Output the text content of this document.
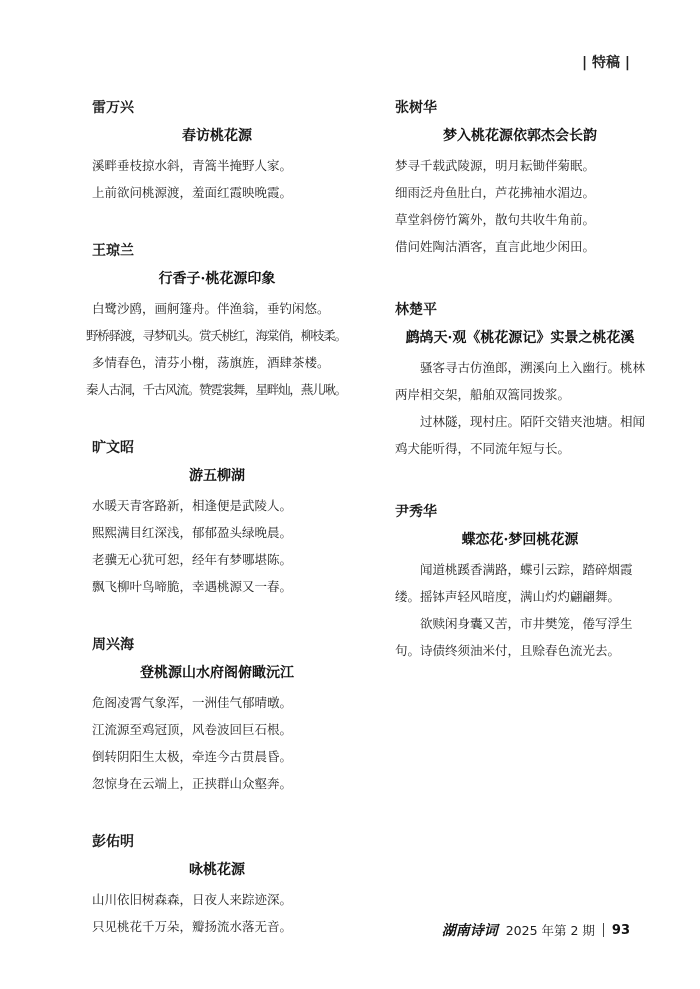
| 特稿 |
雷万兴
春访桃花源

溪畔垂枝掠水斜，青篙半掩野人家。

上前欲问桃源渡，羞面红霞映晚霞。

王琼兰
行香子·桃花源印象

白鹭沙鸥，画舸篷舟。伴渔翁，垂钓闲悠。

野桥驿渡，寻梦矶头。赏夭桃红，海棠俏，柳枝柔。

多情春色，清芬小榭，荡旗旌，酒肆茶楼。

秦人古洞，千古风流。赞霓裳舞，星畔灿，燕儿啾。

旷文昭
游五柳湖

水暖天青客路新，相逢便是武陵人。

熙熙满目红深浅，郁郁盈头绿晚晨。

老骥无心犹可恕，经年有梦哪堪陈。

飘飞柳叶鸟啼脆，幸遇桃源又一春。

周兴海
登桃源山水府阁俯瞰沅江

危阁凌霄气象浑，一洲佳气郁晴暾。

江流源至鸡冠顶，风卷波回巨石根。

倒转阴阳生太极，牵连今古贯晨昏。

忽惊身在云端上，正挟群山众壑奔。

彭佑明
咏桃花源

山川依旧树森森，日夜人来踪迹深。

只见桃花千万朵，瓣扬流水落无音。

张树华
梦入桃花源依郭杰会长韵

梦寻千载武陵源，明月耘锄伴菊眠。

细雨泛舟鱼肚白，芦花拂袖水湄边。

草堂斜傍竹篱外，散句共收牛角前。

借问姓陶沽酒客，直言此地少闲田。

林楚平
鹧鸪天·观《桃花源记》实景之桃花溪

骚客寻古仿渔郎，溯溪向上入幽行。桃林两岸相交架，船舶双篙同拨浆。

过林隧，现村庄。陌阡交错夹池塘。相闻鸡犬能听得，不同流年短与长。

尹秀华
蝶恋花·梦回桃花源

闻道桃蹊香满路，蝶引云踪，踏碎烟霞缕。摇钵声轻风暗度，满山灼灼翩翩舞。

欲赎闲身囊又苦，市井樊笼，倦写浮生句。诗债终须油米付，且赊春色流光去。

湖南诗词 2025 年第 2 期 93
